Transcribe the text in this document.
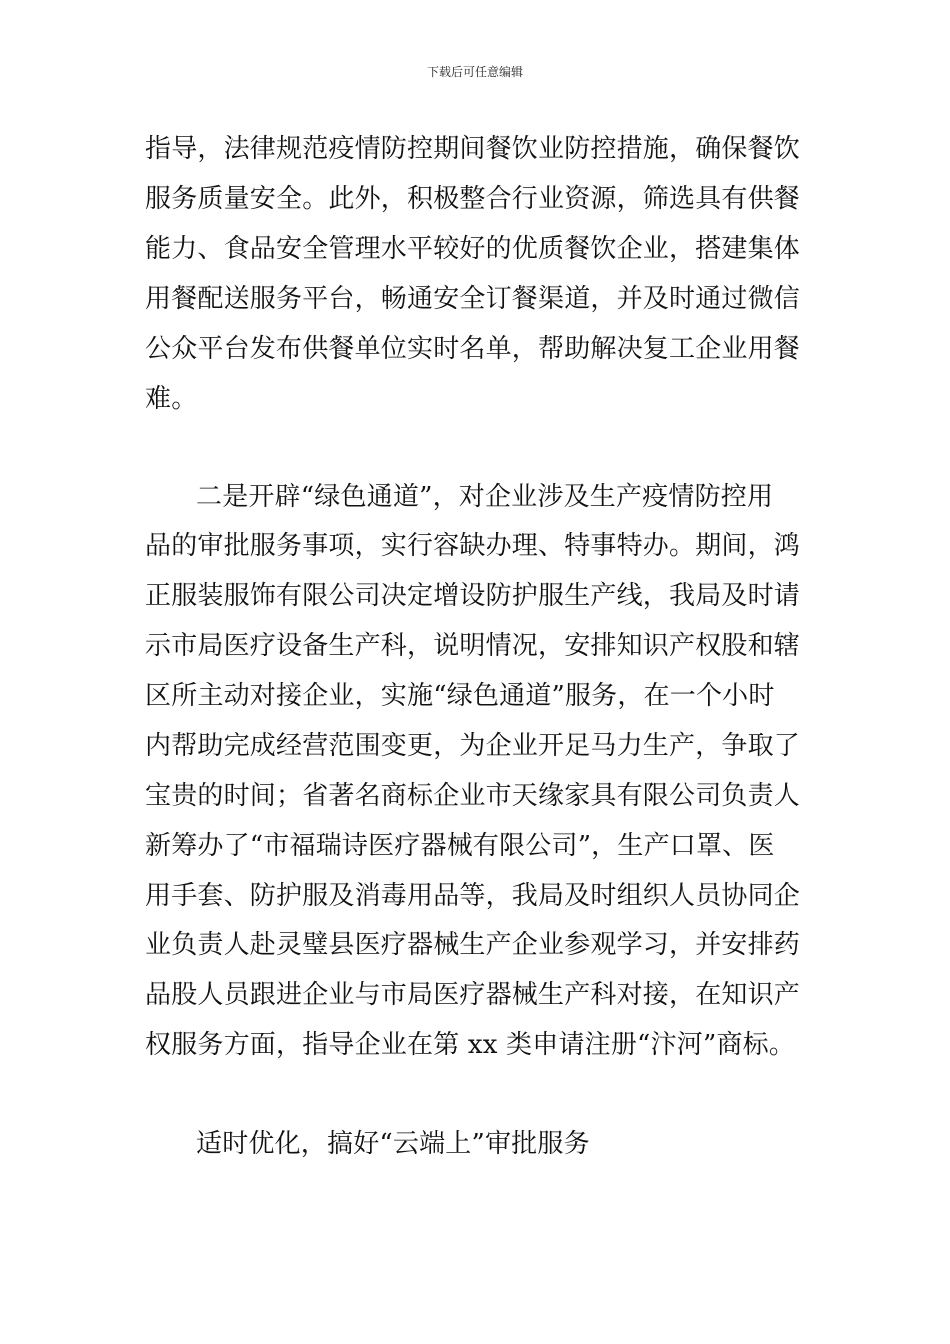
下载后可任意编辑
指导，法律规范疫情防控期间餐饮业防控措施，确保餐饮
服务质量安全。此外，积极整合行业资源，筛选具有供餐
能力、食品安全管理水平较好的优质餐饮企业，搭建集体
用餐配送服务平台，畅通安全订餐渠道，并及时通过微信
公众平台发布供餐单位实时名单，帮助解决复工企业用餐
难。
二是开辟“绿色通道”，对企业涉及生产疫情防控用
品的审批服务事项，实行容缺办理、特事特办。期间，鸿
正服装服饰有限公司决定增设防护服生产线，我局及时请
示市局医疗设备生产科，说明情况，安排知识产权股和辖
区所主动对接企业，实施“绿色通道”服务，在一个小时
内帮助完成经营范围变更，为企业开足马力生产，争取了
宝贵的时间；省著名商标企业市天缘家具有限公司负责人
新筹办了“市福瑞诗医疗器械有限公司”，生产口罩、医
用手套、防护服及消毒用品等，我局及时组织人员协同企
业负责人赴灵璧县医疗器械生产企业参观学习，并安排药
品股人员跟进企业与市局医疗器械生产科对接，在知识产
权服务方面，指导企业在第 xx 类申请注册“汴河”商标。
适时优化，搞好“云端上”审批服务
